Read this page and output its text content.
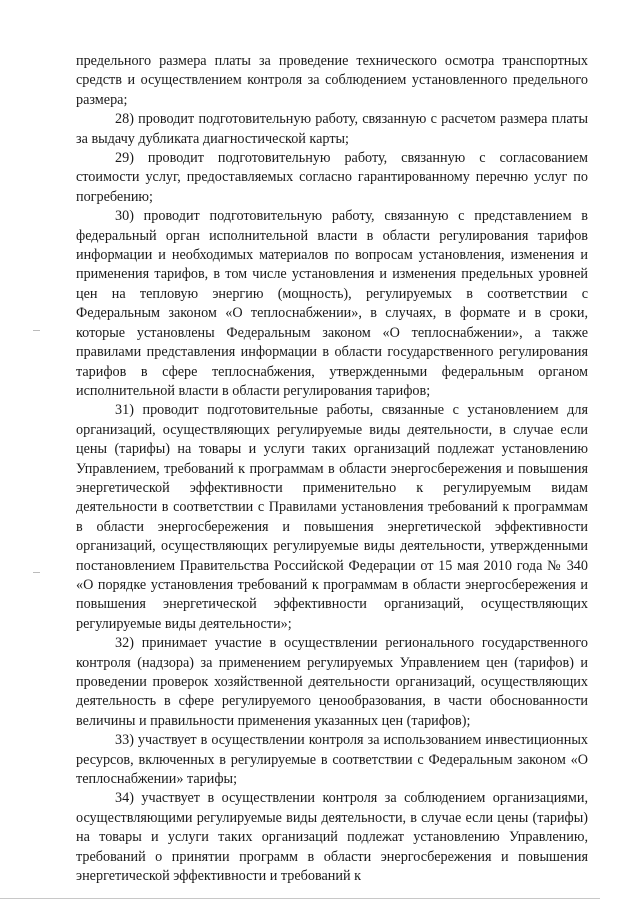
предельного размера платы за проведение технического осмотра транспортных средств и осуществлением контроля за соблюдением установленного предельного размера;

28) проводит подготовительную работу, связанную с расчетом размера платы за выдачу дубликата диагностической карты;

29) проводит подготовительную работу, связанную с согласованием стоимости услуг, предоставляемых согласно гарантированному перечню услуг по погребению;

30) проводит подготовительную работу, связанную с представлением в федеральный орган исполнительной власти в области регулирования тарифов информации и необходимых материалов по вопросам установления, изменения и применения тарифов, в том числе установления и изменения предельных уровней цен на тепловую энергию (мощность), регулируемых в соответствии с Федеральным законом «О теплоснабжении», в случаях, в формате и в сроки, которые установлены Федеральным законом «О теплоснабжении», а также правилами представления информации в области государственного регулирования тарифов в сфере теплоснабжения, утвержденными федеральным органом исполнительной власти в области регулирования тарифов;

31) проводит подготовительные работы, связанные с установлением для организаций, осуществляющих регулируемые виды деятельности, в случае если цены (тарифы) на товары и услуги таких организаций подлежат установлению Управлением, требований к программам в области энергосбережения и повышения энергетической эффективности применительно к регулируемым видам деятельности в соответствии с Правилами установления требований к программам в области энергосбережения и повышения энергетической эффективности организаций, осуществляющих регулируемые виды деятельности, утвержденными постановлением Правительства Российской Федерации от 15 мая 2010 года № 340 «О порядке установления требований к программам в области энергосбережения и повышения энергетической эффективности организаций, осуществляющих регулируемые виды деятельности»;

32) принимает участие в осуществлении регионального государственного контроля (надзора) за применением регулируемых Управлением цен (тарифов) и проведении проверок хозяйственной деятельности организаций, осуществляющих деятельность в сфере регулируемого ценообразования, в части обоснованности величины и правильности применения указанных цен (тарифов);

33) участвует в осуществлении контроля за использованием инвестиционных ресурсов, включенных в регулируемые в соответствии с Федеральным законом «О теплоснабжении» тарифы;

34) участвует в осуществлении контроля за соблюдением организациями, осуществляющими регулируемые виды деятельности, в случае если цены (тарифы) на товары и услуги таких организаций подлежат установлению Управлению, требований о принятии программ в области энергосбережения и повышения энергетической эффективности и требований к
